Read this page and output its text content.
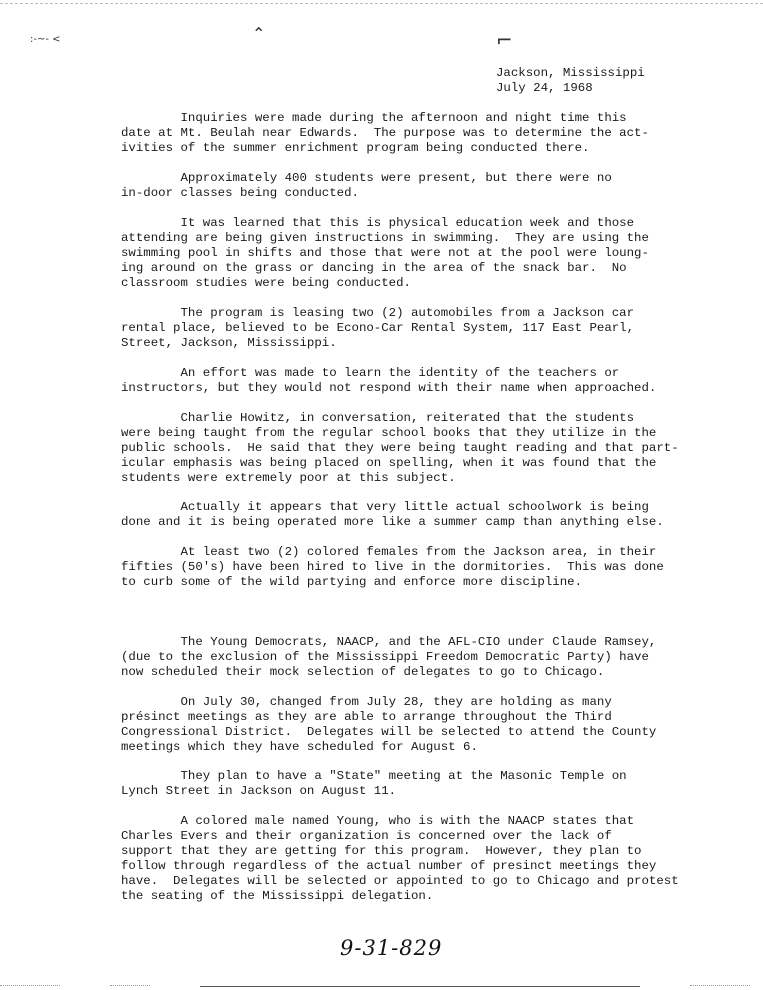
:-~- <	⌃	⌐
Jackson, Mississippi
July 24, 1968
Inquiries were made during the afternoon and night time this
date at Mt. Beulah near Edwards.  The purpose was to determine the act-
ivities of the summer enrichment program being conducted there.
Approximately 400 students were present, but there were no
in-door classes being conducted.
It was learned that this is physical education week and those
attending are being given instructions in swimming.  They are using the
swimming pool in shifts and those that were not at the pool were loung-
ing around on the grass or dancing in the area of the snack bar.  No
classroom studies were being conducted.
The program is leasing two (2) automobiles from a Jackson car
rental place, believed to be Econo-Car Rental System, 117 East Pearl,
Street, Jackson, Mississippi.
An effort was made to learn the identity of the teachers or
instructors, but they would not respond with their name when approached.
Charlie Howitz, in conversation, reiterated that the students
were being taught from the regular school books that they utilize in the
public schools.  He said that they were being taught reading and that part-
icular emphasis was being placed on spelling, when it was found that the
students were extremely poor at this subject.
Actually it appears that very little actual schoolwork is being
done and it is being operated more like a summer camp than anything else.
At least two (2) colored females from the Jackson area, in their
fifties (50's) have been hired to live in the dormitories.  This was done
to curb some of the wild partying and enforce more discipline.
The Young Democrats, NAACP, and the AFL-CIO under Claude Ramsey,
(due to the exclusion of the Mississippi Freedom Democratic Party) have
now scheduled their mock selection of delegates to go to Chicago.
On July 30, changed from July 28, they are holding as many
présinct meetings as they are able to arrange throughout the Third
Congressional District.  Delegates will be selected to attend the County
meetings which they have scheduled for August 6.
They plan to have a "State" meeting at the Masonic Temple on
Lynch Street in Jackson on August 11.
A colored male named Young, who is with the NAACP states that
Charles Evers and their organization is concerned over the lack of
support that they are getting for this program.  However, they plan to
follow through regardless of the actual number of presinct meetings they
have.  Delegates will be selected or appointed to go to Chicago and protest
the seating of the Mississippi delegation.
9-31-829
